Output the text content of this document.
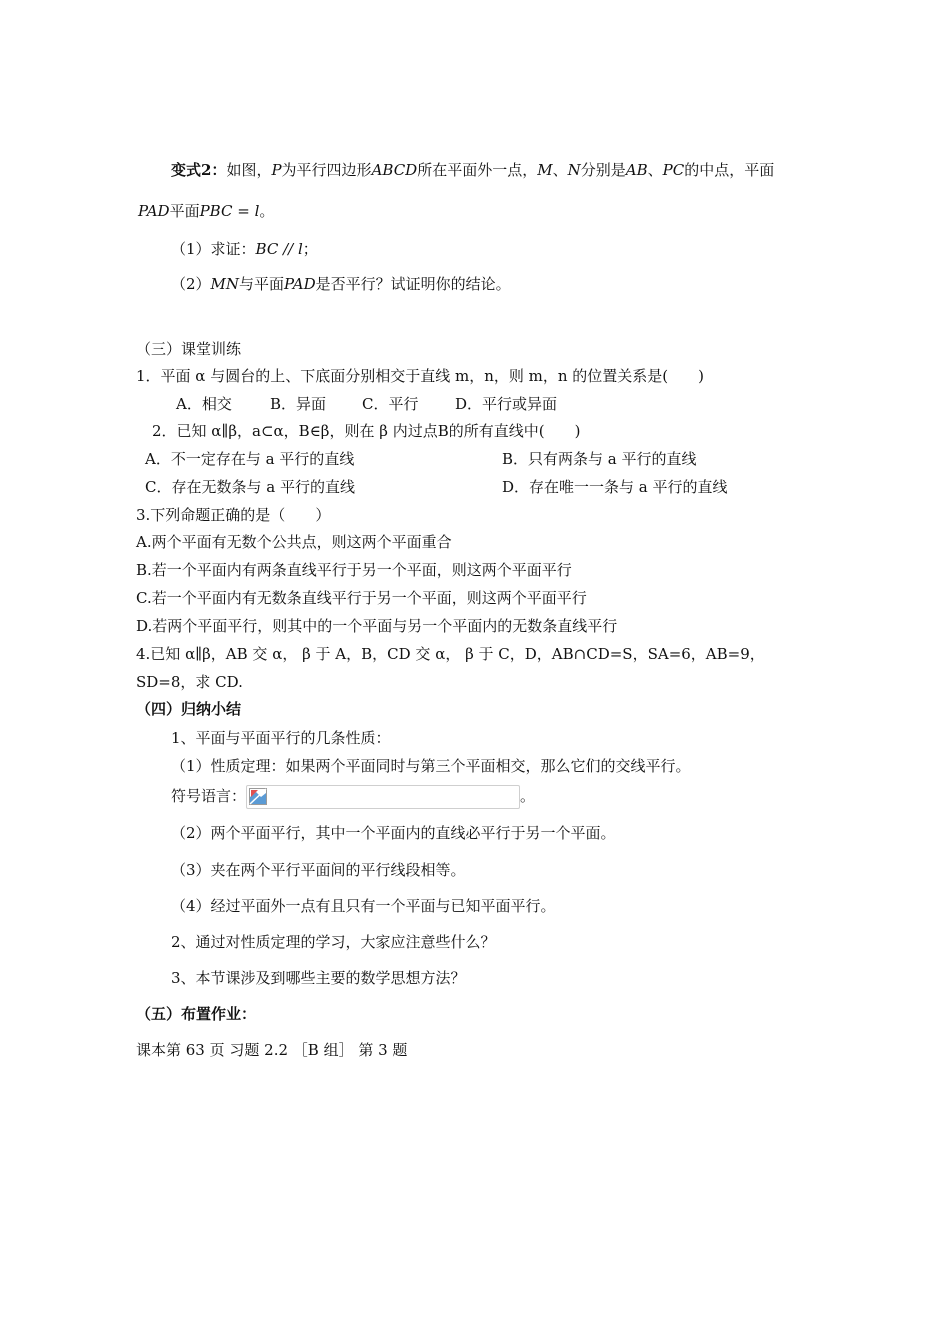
变式2：如图，P为平行四边形ABCD所在平面外一点，M、N分别是AB、PC的中点，平面
PAD平面PBC = l。
（1）求证：BC // l；
（2）MN与平面PAD是否平行？试证明你的结论。
（三）课堂训练
1．平面 α 与圆台的上、下底面分别相交于直线 m，n，则 m，n 的位置关系是(　　)
A．相交	B．异面 C．平行 D．平行或异面
2．已知 α∥β，a⊂α，B∈β，则在 β 内过点B的所有直线中(　　)
A．不一定存在与 a 平行的直线	B．只有两条与 a 平行的直线
C．存在无数条与 a 平行的直线	D．存在唯一一条与 a 平行的直线
3.下列命题正确的是（　　）
A.两个平面有无数个公共点，则这两个平面重合
B.若一个平面内有两条直线平行于另一个平面，则这两个平面平行
C.若一个平面内有无数条直线平行于另一个平面，则这两个平面平行
D.若两个平面平行，则其中的一个平面与另一个平面内的无数条直线平行
4.已知 α∥β，AB 交 α， β 于 A，B，CD 交 α， β 于 C，D，AB∩CD=S，SA=6，AB=9，
SD=8，求 CD.
（四）归纳小结
1、平面与平面平行的几条性质：
（1）性质定理：如果两个平面同时与第三个平面相交，那么它们的交线平行。
符号语言：	。
（2）两个平面平行，其中一个平面内的直线必平行于另一个平面。
（3）夹在两个平行平面间的平行线段相等。
（4）经过平面外一点有且只有一个平面与已知平面平行。
2、通过对性质定理的学习，大家应注意些什么？
3、本节课涉及到哪些主要的数学思想方法？
（五）布置作业：
课本第 63 页 习题 2.2 ［B 组］ 第 3 题
